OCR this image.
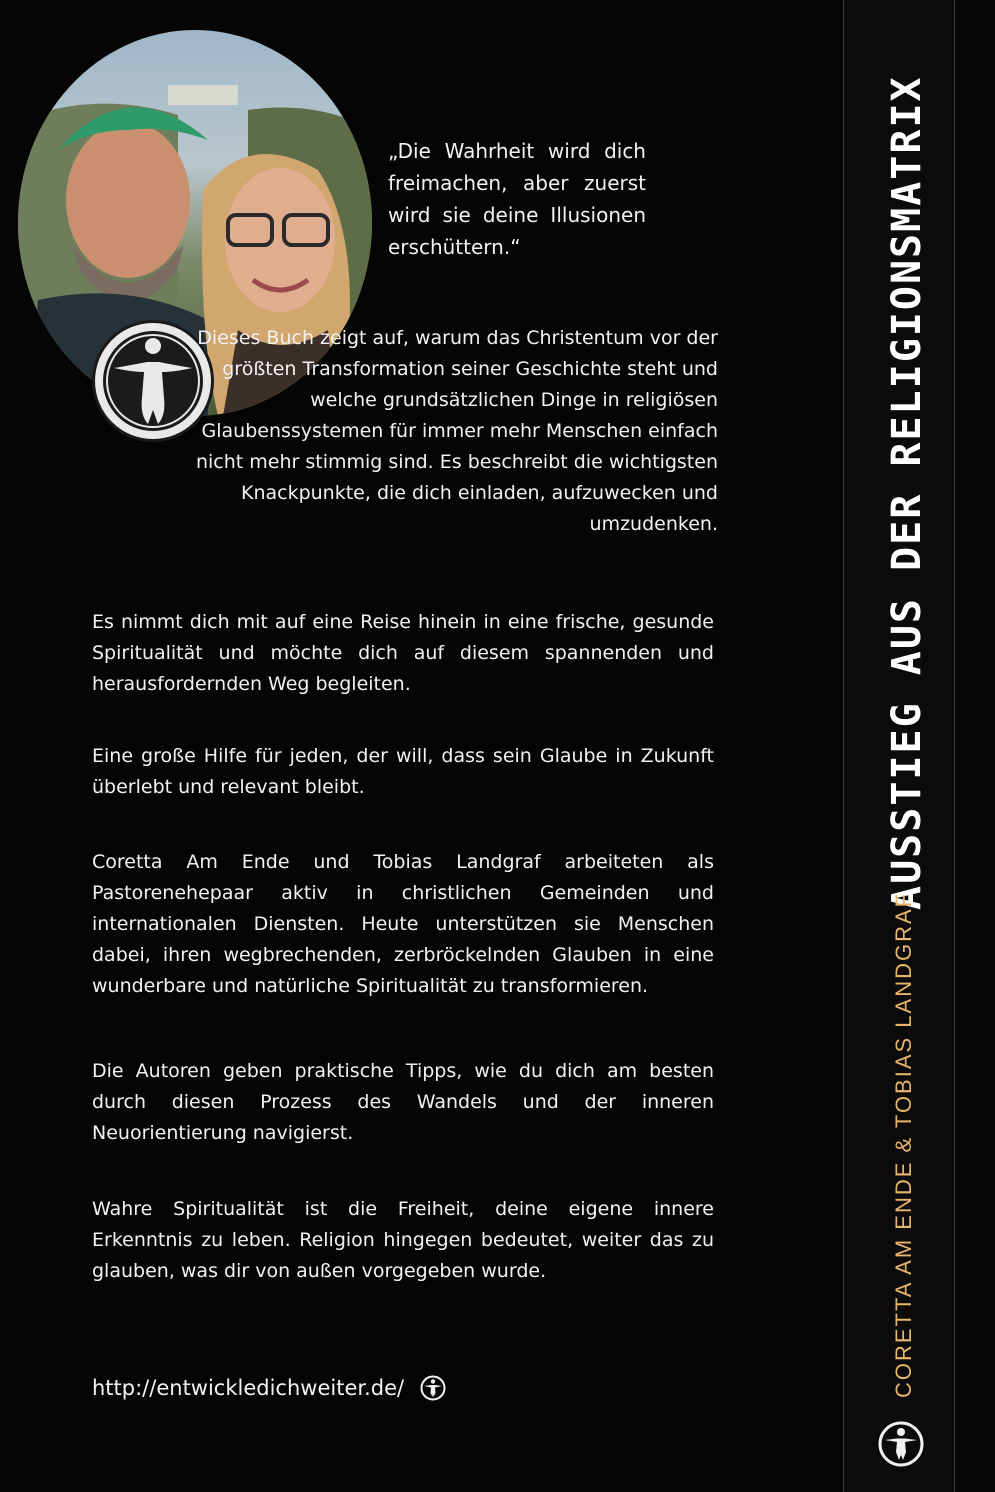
„Die Wahrheit wird dich freimachen, aber zuerst wird sie deine Illusionen erschüttern.“

Dieses Buch zeigt auf, warum das Christentum vor der größten Transformation seiner Geschichte steht und welche grundsätzlichen Dinge in religiösen Glaubenssystemen für immer mehr Menschen einfach nicht mehr stimmig sind. Es beschreibt die wichtigsten Knackpunkte, die dich einladen, aufzuwecken und umzudenken.

Es nimmt dich mit auf eine Reise hinein in eine frische, gesunde Spiritualität und möchte dich auf diesem spannenden und herausfordernden Weg begleiten.

Eine große Hilfe für jeden, der will, dass sein Glaube in Zukunft überlebt und relevant bleibt.

Coretta Am Ende und Tobias Landgraf arbeiteten als Pastorenehepaar aktiv in christlichen Gemeinden und internationalen Diensten. Heute unterstützen sie Menschen dabei, ihren wegbrechenden, zerbröckelnden Glauben in eine wunderbare und natürliche Spiritualität zu transformieren.

Die Autoren geben praktische Tipps, wie du dich am besten durch diesen Prozess des Wandels und der inneren Neuorientierung navigierst.

Wahre Spiritualität ist die Freiheit, deine eigene innere Erkenntnis zu leben. Religion hingegen bedeutet, weiter das zu glauben, was dir von außen vorgegeben wurde.

http://entwickledichweiter.de/
AUSSTIEG AUS DER RELIGIONSMATRIX
CORETTA AM ENDE & TOBIAS LANDGRAF
